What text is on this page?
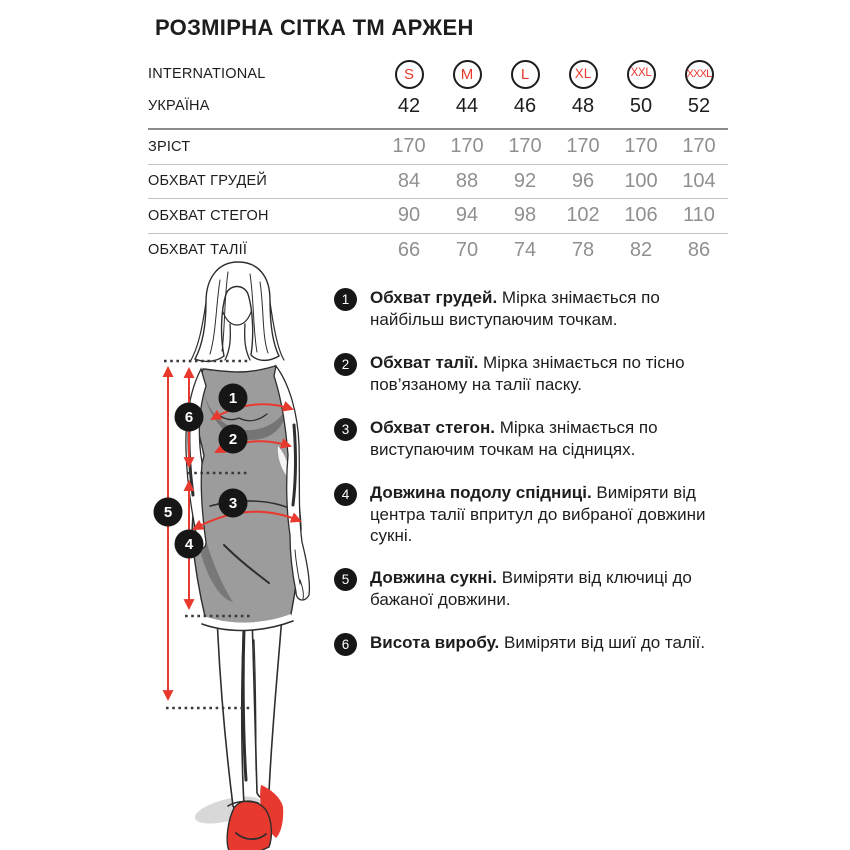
РОЗМІРНА СІТКА ТМ АРЖЕН
INTERNATIONAL	S	M	L	XL	XXL	XXXL
УКРАЇНА	42	44	46	48	50	52
ЗРІСТ	170	170	170	170	170	170
ОБХВАТ ГРУДЕЙ	84	88	92	96	100	104
ОБХВАТ СТЕГОН	90	94	98	102	106	110
ОБХВАТ ТАЛІЇ	66	70	74	78	82	86
1	Обхват грудей. Мірка знімається по найбільш виступаючим точкам.
2	Обхват талії. Мірка знімається по тісно пов’язаному на талії паску.
3	Обхват стегон. Мірка знімається по виступаючим точкам на сідницях.
4	Довжина подолу спідниці. Виміряти від центра талії впритул до вибраної довжини сукні.
5	Довжина сукні. Виміряти від ключиці до бажаної довжини.
6	Висота виробу. Виміряти від шиї до талії.
1
2
3
4
5
6
